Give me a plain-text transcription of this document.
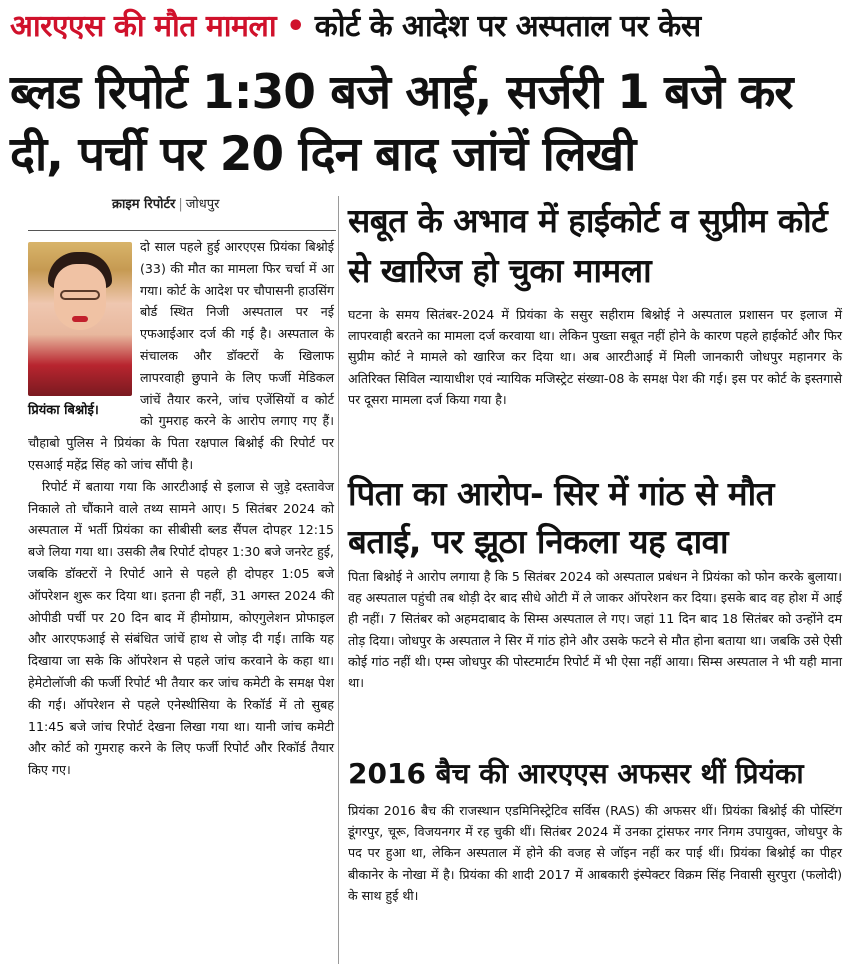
आरएएस की मौत मामला • कोर्ट के आदेश पर अस्पताल पर केस
ब्लड रिपोर्ट 1:30 बजे आई, सर्जरी 1 बजे कर दी, पर्ची पर 20 दिन बाद जांचें लिखी
क्राइम रिपोर्टर | जोधपुर
प्रियंका बिश्नोई।

दो साल पहले हुई आरएएस प्रियंका बिश्नोई (33) की मौत का मामला फिर चर्चा में आ गया। कोर्ट के आदेश पर चौपासनी हाउसिंग बोर्ड स्थित निजी अस्पताल पर नई एफआईआर दर्ज की गई है। अस्पताल के संचालक और डॉक्टरों के खिलाफ लापरवाही छुपाने के लिए फर्जी मेडिकल जांचें तैयार करने, जांच एजेंसियों व कोर्ट को गुमराह करने के आरोप लगाए गए हैं। चौहाबो पुलिस ने प्रियंका के पिता रक्षपाल बिश्नोई की रिपोर्ट पर एसआई महेंद्र सिंह को जांच सौंपी है।

रिपोर्ट में बताया गया कि आरटीआई से इलाज से जुड़े दस्तावेज निकाले तो चौंकाने वाले तथ्य सामने आए। 5 सितंबर 2024 को अस्पताल में भर्ती प्रियंका का सीबीसी ब्लड सैंपल दोपहर 12:15 बजे लिया गया था। उसकी लैब रिपोर्ट दोपहर 1:30 बजे जनरेट हुई, जबकि डॉक्टरों ने रिपोर्ट आने से पहले ही दोपहर 1:05 बजे ऑपरेशन शुरू कर दिया था। इतना ही नहीं, 31 अगस्त 2024 की ओपीडी पर्ची पर 20 दिन बाद में हीमोग्राम, कोएगुलेशन प्रोफाइल और आरएफआई से संबंधित जांचें हाथ से जोड़ दी गई। ताकि यह दिखाया जा सके कि ऑपरेशन से पहले जांच करवाने के कहा था। हेमेटोलॉजी की फर्जी रिपोर्ट भी तैयार कर जांच कमेटी के समक्ष पेश की गई। ऑपरेशन से पहले एनेस्थीसिया के रिकॉर्ड में तो सुबह 11:45 बजे जांच रिपोर्ट देखना लिखा गया था। यानी जांच कमेटी और कोर्ट को गुमराह करने के लिए फर्जी रिपोर्ट और रिकॉर्ड तैयार किए गए।

सबूत के अभाव में हाईकोर्ट व सुप्रीम कोर्ट से खारिज हो चुका मामला
घटना के समय सितंबर-2024 में प्रियंका के ससुर सहीराम बिश्नोई ने अस्पताल प्रशासन पर इलाज में लापरवाही बरतने का मामला दर्ज करवाया था। लेकिन पुख्ता सबूत नहीं होने के कारण पहले हाईकोर्ट और फिर सुप्रीम कोर्ट ने मामले को खारिज कर दिया था। अब आरटीआई में मिली जानकारी जोधपुर महानगर के अतिरिक्त सिविल न्यायाधीश एवं न्यायिक मजिस्ट्रेट संख्या-08 के समक्ष पेश की गई। इस पर कोर्ट के इस्तगासे पर दूसरा मामला दर्ज किया गया है।
पिता का आरोप- सिर में गांठ से मौत बताई, पर झूठा निकला यह दावा
पिता बिश्नोई ने आरोप लगाया है कि 5 सितंबर 2024 को अस्पताल प्रबंधन ने प्रियंका को फोन करके बुलाया। वह अस्पताल पहुंची तब थोड़ी देर बाद सीधे ओटी में ले जाकर ऑपरेशन कर दिया। इसके बाद वह होश में आई ही नहीं। 7 सितंबर को अहमदाबाद के सिम्स अस्पताल ले गए। जहां 11 दिन बाद 18 सितंबर को उन्होंने दम तोड़ दिया। जोधपुर के अस्पताल ने सिर में गांठ होने और उसके फटने से मौत होना बताया था। जबकि उसे ऐसी कोई गांठ नहीं थी। एम्स जोधपुर की पोस्टमार्टम रिपोर्ट में भी ऐसा नहीं आया। सिम्स अस्पताल ने भी यही माना था।
2016 बैच की आरएएस अफसर थीं प्रियंका
प्रियंका 2016 बैच की राजस्थान एडमिनिस्ट्रेटिव सर्विस (RAS) की अफसर थीं। प्रियंका बिश्नोई की पोस्टिंग डूंगरपुर, चूरू, विजयनगर में रह चुकी थीं। सितंबर 2024 में उनका ट्रांसफर नगर निगम उपायुक्त, जोधपुर के पद पर हुआ था, लेकिन अस्पताल में होने की वजह से जॉइन नहीं कर पाई थीं। प्रियंका बिश्नोई का पीहर बीकानेर के नोखा में है। प्रियंका की शादी 2017 में आबकारी इंस्पेक्टर विक्रम सिंह निवासी सुरपुरा (फलोदी) के साथ हुई थी।
